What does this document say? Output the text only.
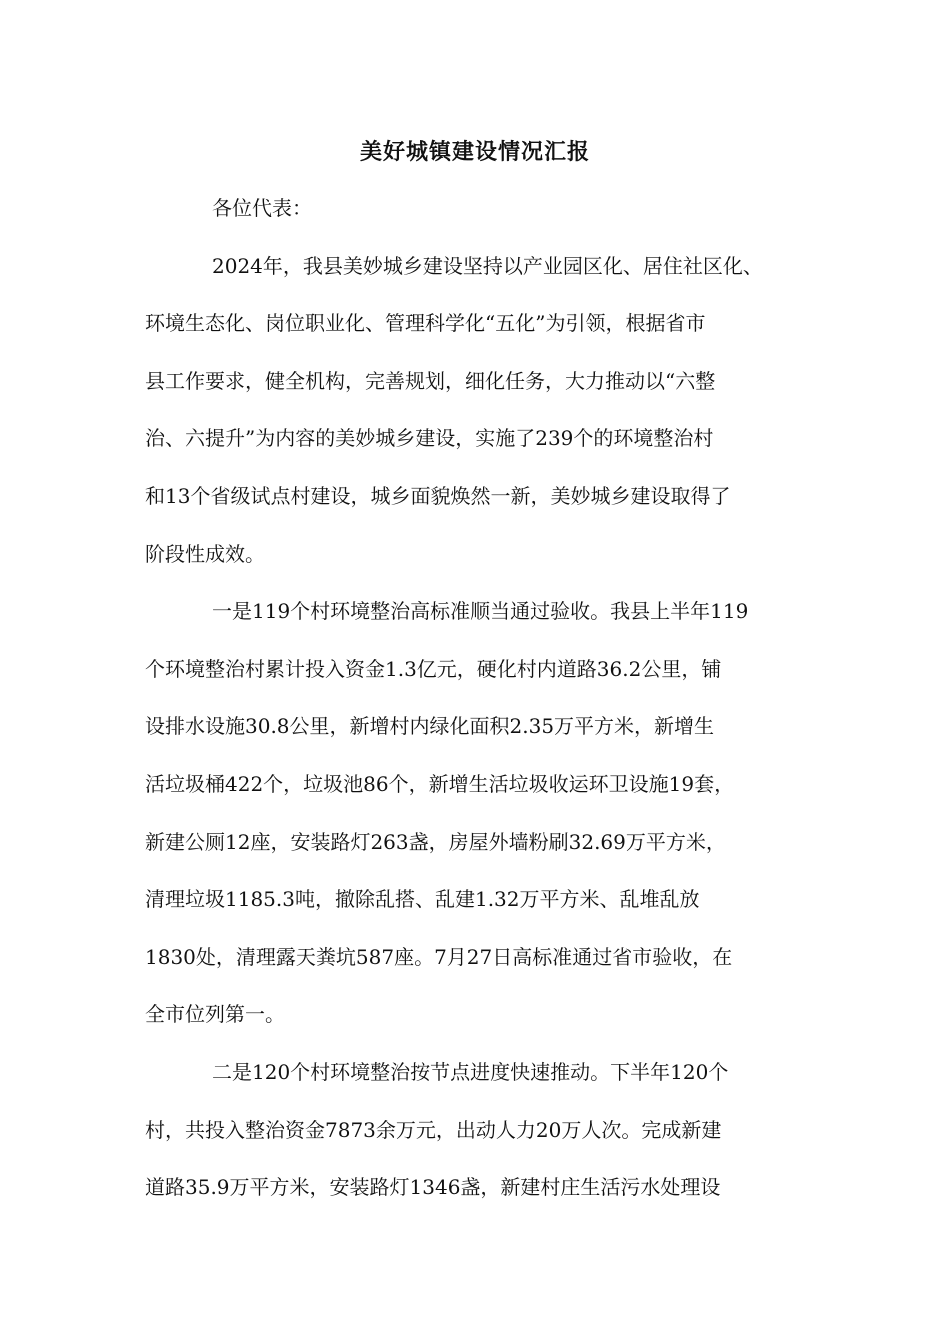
美好城镇建设情况汇报
各位代表：
2024年，我县美妙城乡建设坚持以产业园区化、居住社区化、
环境生态化、岗位职业化、管理科学化“五化”为引领，根据省市
县工作要求，健全机构，完善规划，细化任务，大力推动以“六整
治、六提升”为内容的美妙城乡建设，实施了239个的环境整治村
和13个省级试点村建设，城乡面貌焕然一新，美妙城乡建设取得了
阶段性成效。
一是119个村环境整治高标准顺当通过验收。我县上半年119
个环境整治村累计投入资金1.3亿元，硬化村内道路36.2公里，铺
设排水设施30.8公里，新增村内绿化面积2.35万平方米，新增生
活垃圾桶422个，垃圾池86个，新增生活垃圾收运环卫设施19套，
新建公厕12座，安装路灯263盏，房屋外墙粉刷32.69万平方米，
清理垃圾1185.3吨，撤除乱搭、乱建1.32万平方米、乱堆乱放
1830处，清理露天粪坑587座。7月27日高标准通过省市验收，在
全市位列第一。
二是120个村环境整治按节点进度快速推动。下半年120个
村，共投入整治资金7873余万元，出动人力20万人次。完成新建
道路35.9万平方米，安装路灯1346盏，新建村庄生活污水处理设
